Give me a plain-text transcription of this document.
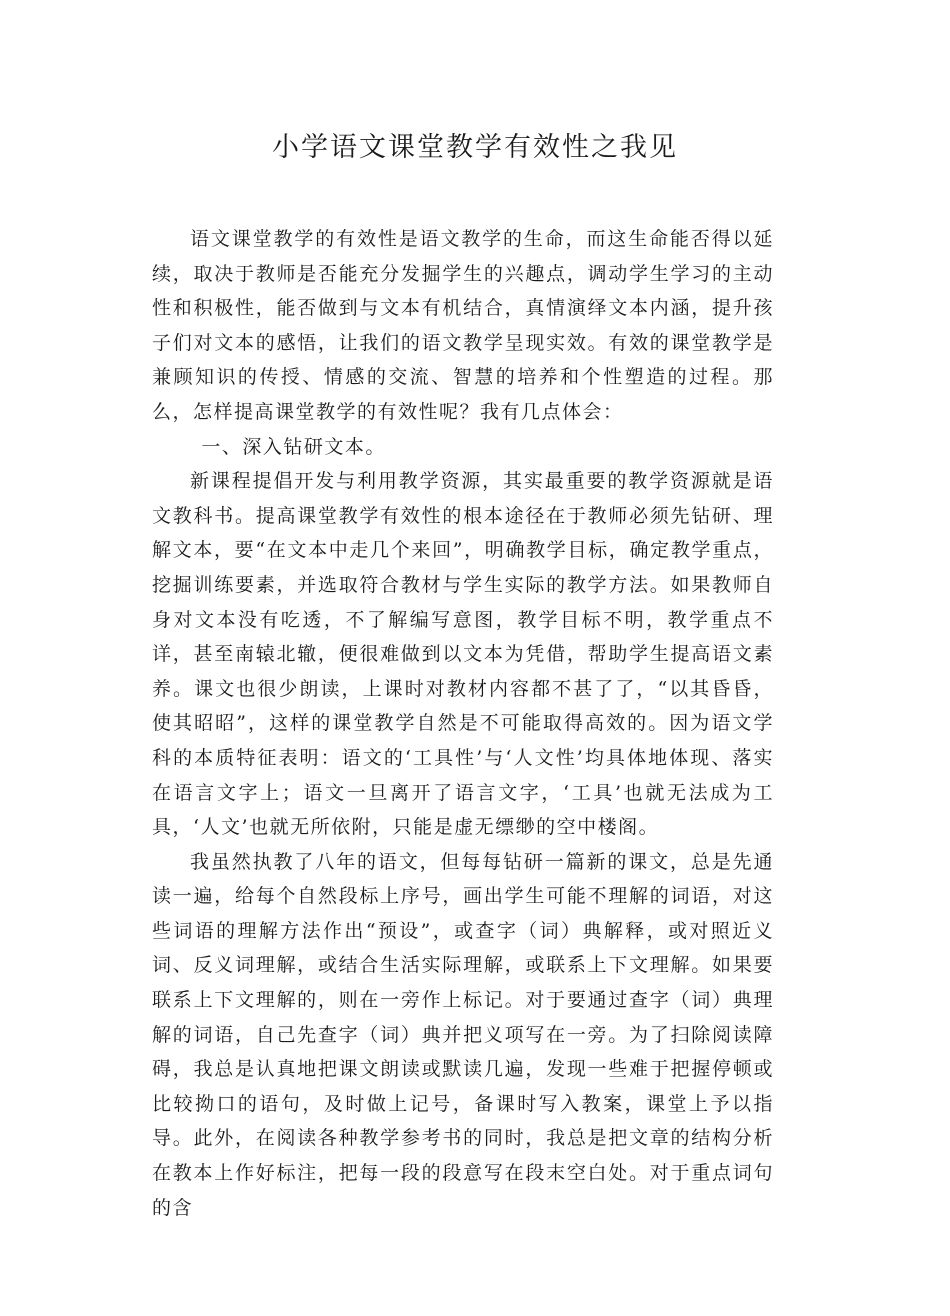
小学语文课堂教学有效性之我见

语文课堂教学的有效性是语文教学的生命，而这生命能否得以延续，取决于教师是否能充分发掘学生的兴趣点，调动学生学习的主动性和积极性，能否做到与文本有机结合，真情演绎文本内涵，提升孩子们对文本的感悟，让我们的语文教学呈现实效。有效的课堂教学是兼顾知识的传授、情感的交流、智慧的培养和个性塑造的过程。那么，怎样提高课堂教学的有效性呢？我有几点体会：

一、深入钻研文本。

新课程提倡开发与利用教学资源，其实最重要的教学资源就是语文教科书。提高课堂教学有效性的根本途径在于教师必须先钻研、理解文本，要“在文本中走几个来回”，明确教学目标，确定教学重点，挖掘训练要素，并选取符合教材与学生实际的教学方法。如果教师自身对文本没有吃透，不了解编写意图，教学目标不明，教学重点不详，甚至南辕北辙，便很难做到以文本为凭借，帮助学生提高语文素养。课文也很少朗读，上课时对教材内容都不甚了了，“以其昏昏，使其昭昭”，这样的课堂教学自然是不可能取得高效的。因为语文学科的本质特征表明：语文的‘工具性’与‘人文性’均具体地体现、落实在语言文字上；语文一旦离开了语言文字，‘工具’也就无法成为工具，‘人文’也就无所依附，只能是虚无缥缈的空中楼阁。

我虽然执教了八年的语文，但每每钻研一篇新的课文，总是先通读一遍，给每个自然段标上序号，画出学生可能不理解的词语，对这些词语的理解方法作出“预设”，或查字（词）典解释，或对照近义词、反义词理解，或结合生活实际理解，或联系上下文理解。如果要联系上下文理解的，则在一旁作上标记。对于要通过查字（词）典理解的词语，自己先查字（词）典并把义项写在一旁。为了扫除阅读障碍，我总是认真地把课文朗读或默读几遍，发现一些难于把握停顿或比较拗口的语句，及时做上记号，备课时写入教案，课堂上予以指导。此外，在阅读各种教学参考书的同时，我总是把文章的结构分析在教本上作好标注，把每一段的段意写在段末空白处。对于重点词句的含
